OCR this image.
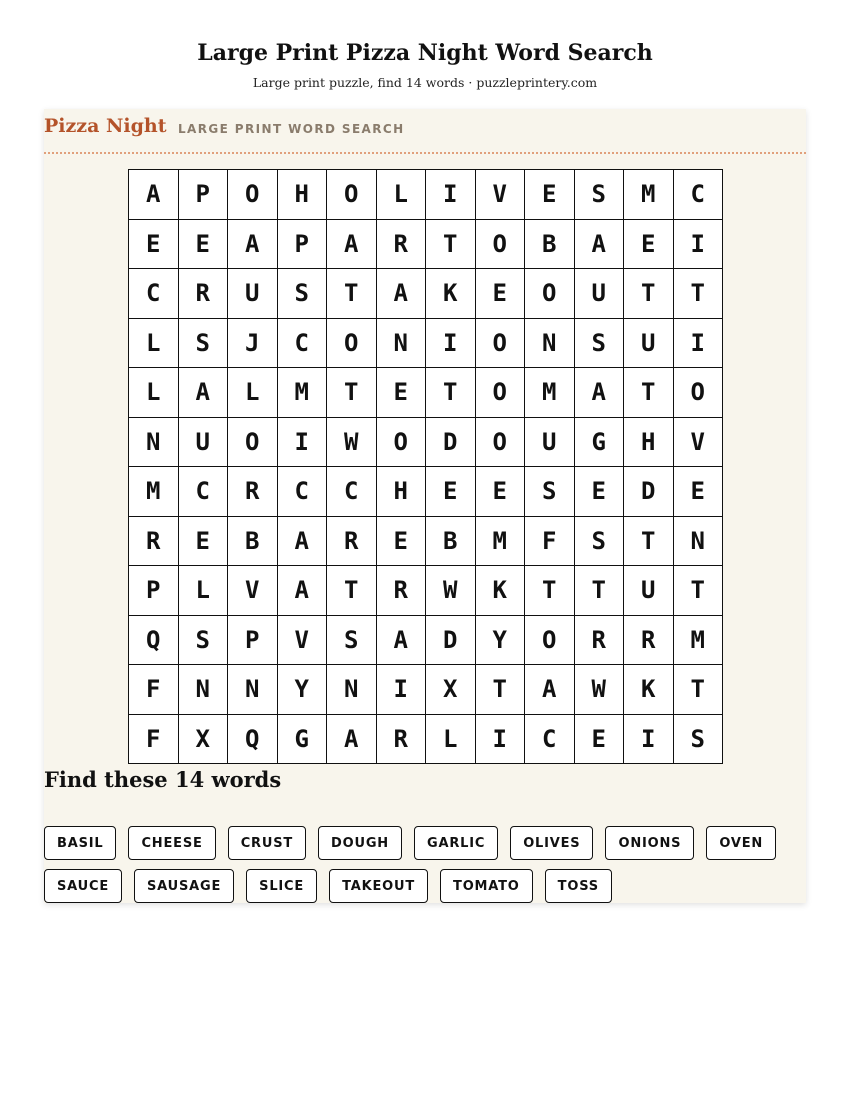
Large Print Pizza Night Word Search

Large print puzzle, find 14 words · puzzleprintery.com

Pizza Night LARGE PRINT WORD SEARCH
A	P	O	H	O	L	I	V	E	S	M	C
E	E	A	P	A	R	T	O	B	A	E	I
C	R	U	S	T	A	K	E	O	U	T	T
L	S	J	C	O	N	I	O	N	S	U	I
L	A	L	M	T	E	T	O	M	A	T	O
N	U	O	I	W	O	D	O	U	G	H	V
M	C	R	C	C	H	E	E	S	E	D	E
R	E	B	A	R	E	B	M	F	S	T	N
P	L	V	A	T	R	W	K	T	T	U	T
Q	S	P	V	S	A	D	Y	O	R	R	M
F	N	N	Y	N	I	X	T	A	W	K	T
F	X	Q	G	A	R	L	I	C	E	I	S
Find these 14 words
BASIL	CHEESE	CRUST	DOUGH	GARLIC	OLIVES	ONIONS	OVEN
SAUCE	SAUSAGE	SLICE	TAKEOUT	TOMATO	TOSS
